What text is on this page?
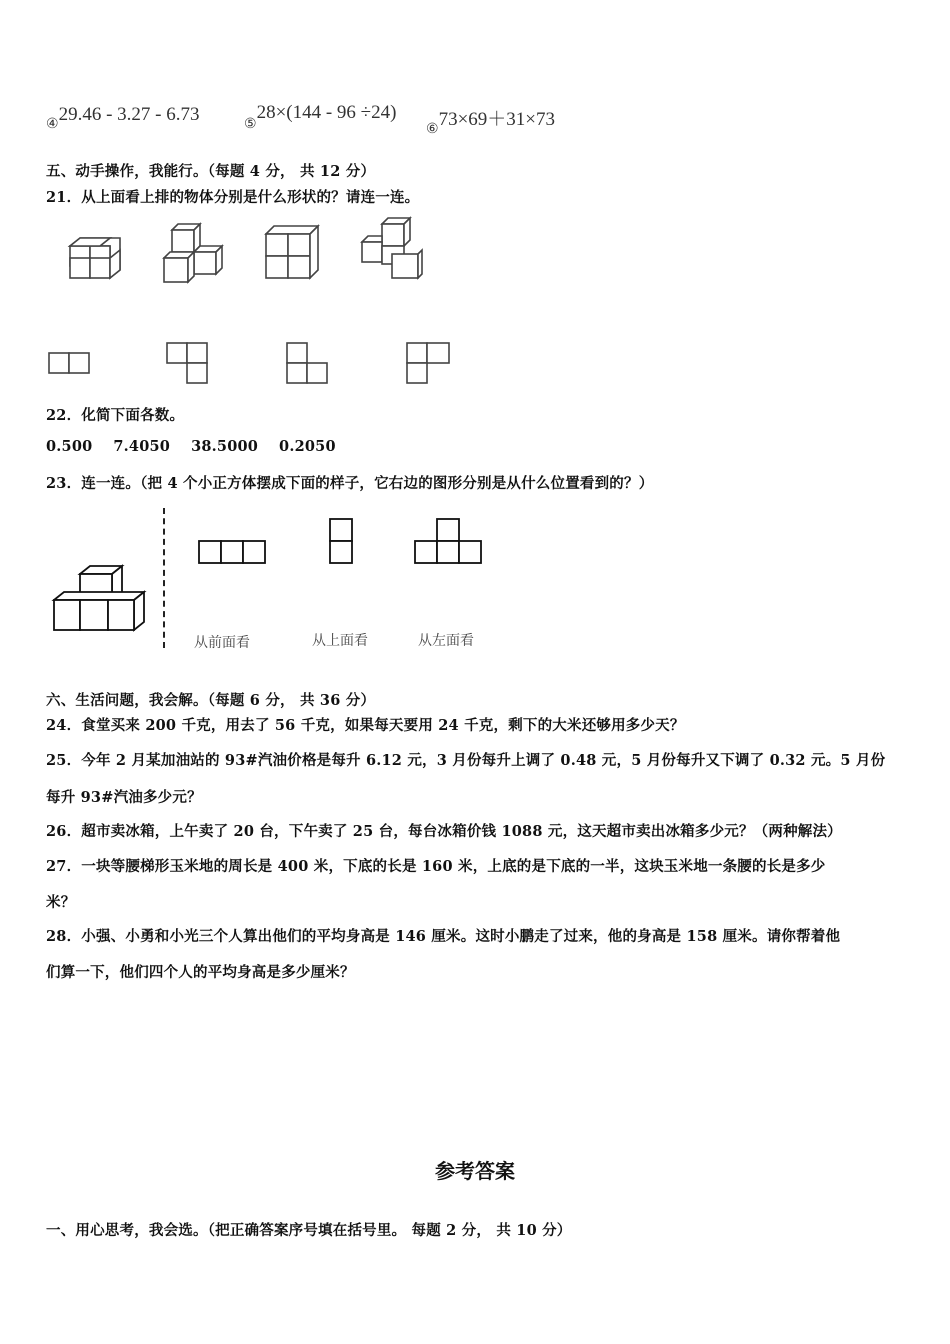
④29.46 - 3.27 - 6.73	⑤28×(144 - 96 ÷24)
⑥73×69＋31×73
五、动手操作，我能行。（每题 4 分， 共 12 分）
21．从上面看上排的物体分别是什么形状的？请连一连。
22．化简下面各数。
0.500    7.4050    38.5000    0.2050
23．连一连。（把 4 个小正方体摆成下面的样子，它右边的图形分别是从什么位置看到的？）
从前面看	从上面看	从左面看
六、生活问题，我会解。（每题 6 分， 共 36 分）
24．食堂买来 200 千克，用去了 56 千克，如果每天要用 24 千克，剩下的大米还够用多少天？
25．今年 2 月某加油站的 93#汽油价格是每升 6.12 元，3 月份每升上调了 0.48 元，5 月份每升又下调了 0.32 元。5 月份
每升 93#汽油多少元？
26．超市卖冰箱，上午卖了 20 台，下午卖了 25 台，每台冰箱价钱 1088 元，这天超市卖出冰箱多少元？（两种解法）
27．一块等腰梯形玉米地的周长是 400 米，下底的长是 160 米，上底的是下底的一半，这块玉米地一条腰的长是多少
米？
28．小强、小勇和小光三个人算出他们的平均身高是 146 厘米。这时小鹏走了过来，他的身高是 158 厘米。请你帮着他
们算一下，他们四个人的平均身高是多少厘米？
参考答案
一、用心思考，我会选。（把正确答案序号填在括号里。 每题 2 分， 共 10 分）
